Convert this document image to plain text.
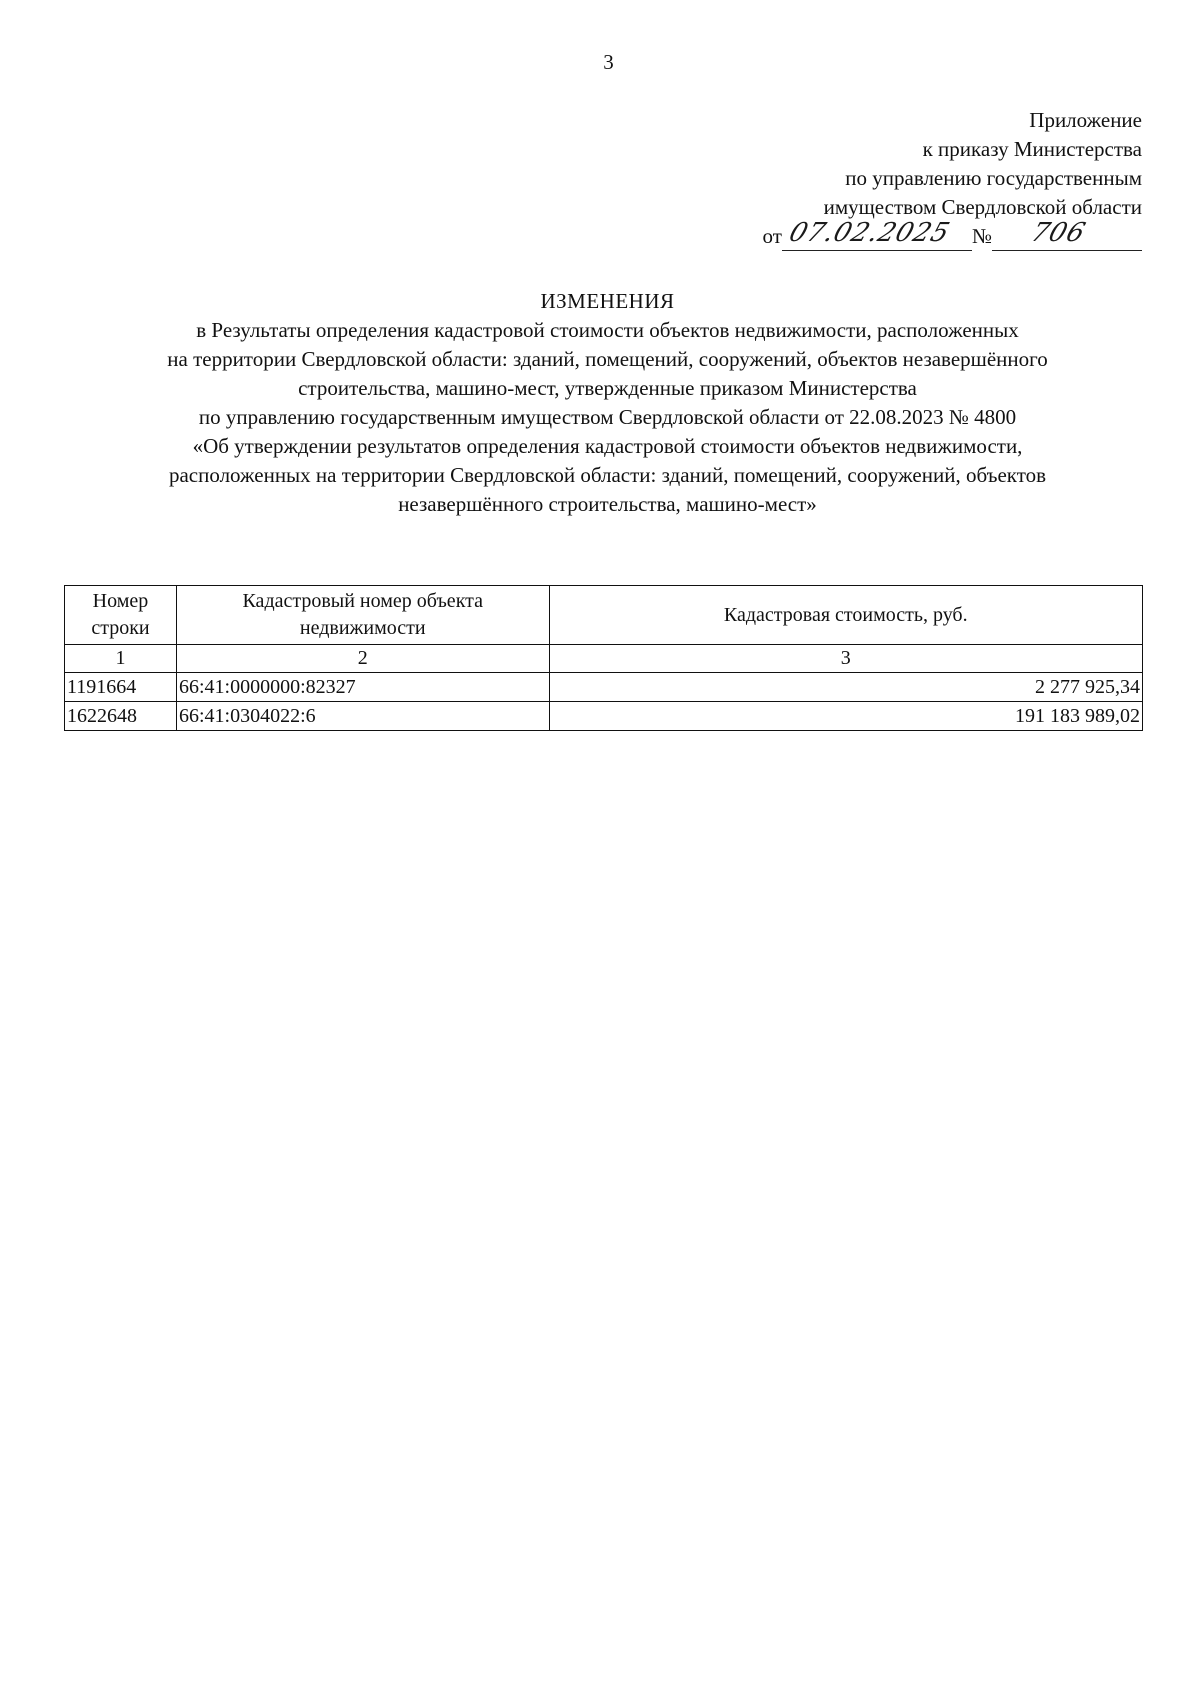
3
Приложение
к приказу Министерства
по управлению государственным
имуществом Свердловской области
от 07.02.2025 № 706
ИЗМЕНЕНИЯ
в Результаты определения кадастровой стоимости объектов недвижимости, расположенных
на территории Свердловской области: зданий, помещений, сооружений, объектов незавершённого
строительства, машино-мест, утвержденные приказом Министерства
по управлению государственным имуществом Свердловской области от 22.08.2023 № 4800
«Об утверждении результатов определения кадастровой стоимости объектов недвижимости,
расположенных на территории Свердловской области: зданий, помещений, сооружений, объектов
незавершённого строительства, машино-мест»
Номер строки	Кадастровый номер объекта недвижимости	Кадастровая стоимость, руб.
1	2	3
1191664	66:41:0000000:82327	2 277 925,34
1622648	66:41:0304022:6	191 183 989,02
